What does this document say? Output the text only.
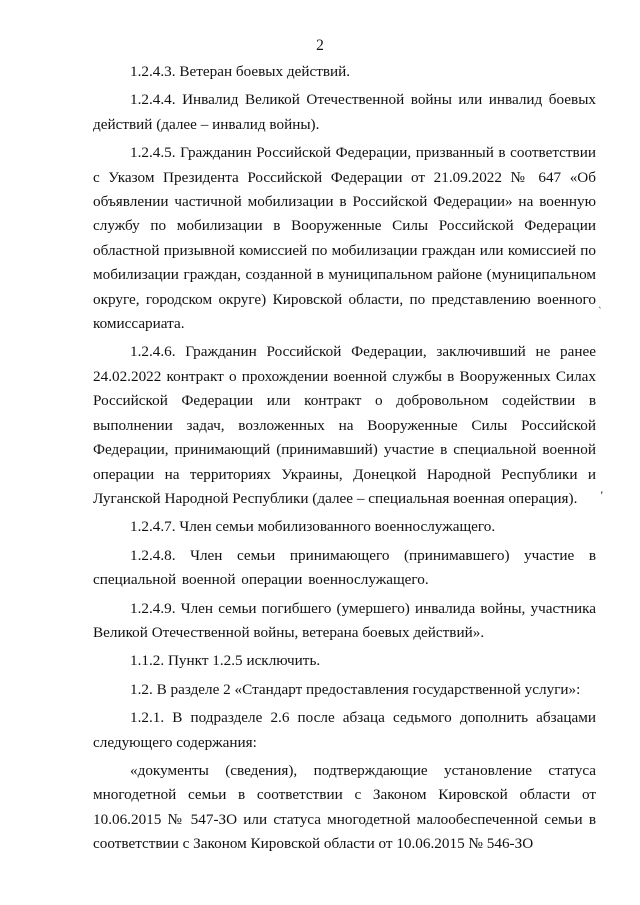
2

1.2.4.3. Ветеран боевых действий.

1.2.4.4. Инвалид Великой Отечественной войны или инвалид боевых действий (далее – инвалид войны).

1.2.4.5. Гражданин Российской Федерации, призванный в соответствии с Указом Президента Российской Федерации от 21.09.2022 № 647 «Об объявлении частичной мобилизации в Российской Федерации» на военную службу по мобилизации в Вооруженные Силы Российской Федерации областной призывной комиссией по мобилизации граждан или комиссией по мобилизации граждан, созданной в муниципальном районе (муниципальном округе, городском округе) Кировской области, по представлению военного комиссариата.

1.2.4.6. Гражданин Российской Федерации, заключивший не ранее 24.02.2022 контракт о прохождении военной службы в Вооруженных Силах Российской Федерации или контракт о добровольном содействии в выполнении задач, возложенных на Вооруженные Силы Российской Федерации, принимающий (принимавший) участие в специальной военной операции на территориях Украины, Донецкой Народной Республики и Луганской Народной Республики (далее – специальная военная операция).

1.2.4.7. Член семьи мобилизованного военнослужащего.

1.2.4.8. Член семьи принимающего (принимавшего) участие в специальной военной операции военнослужащего.

1.2.4.9. Член семьи погибшего (умершего) инвалида войны, участника Великой Отечественной войны, ветерана боевых действий».

1.1.2. Пункт 1.2.5 исключить.

1.2. В разделе 2 «Стандарт предоставления государственной услуги»:

1.2.1. В подразделе 2.6 после абзаца седьмого дополнить абзацами следующего содержания:

«документы (сведения), подтверждающие установление статуса многодетной семьи в соответствии с Законом Кировской области от 10.06.2015 № 547-ЗО или статуса многодетной малообеспеченной семьи в соответствии с Законом Кировской области от 10.06.2015 № 546-ЗО

ˋ
,
